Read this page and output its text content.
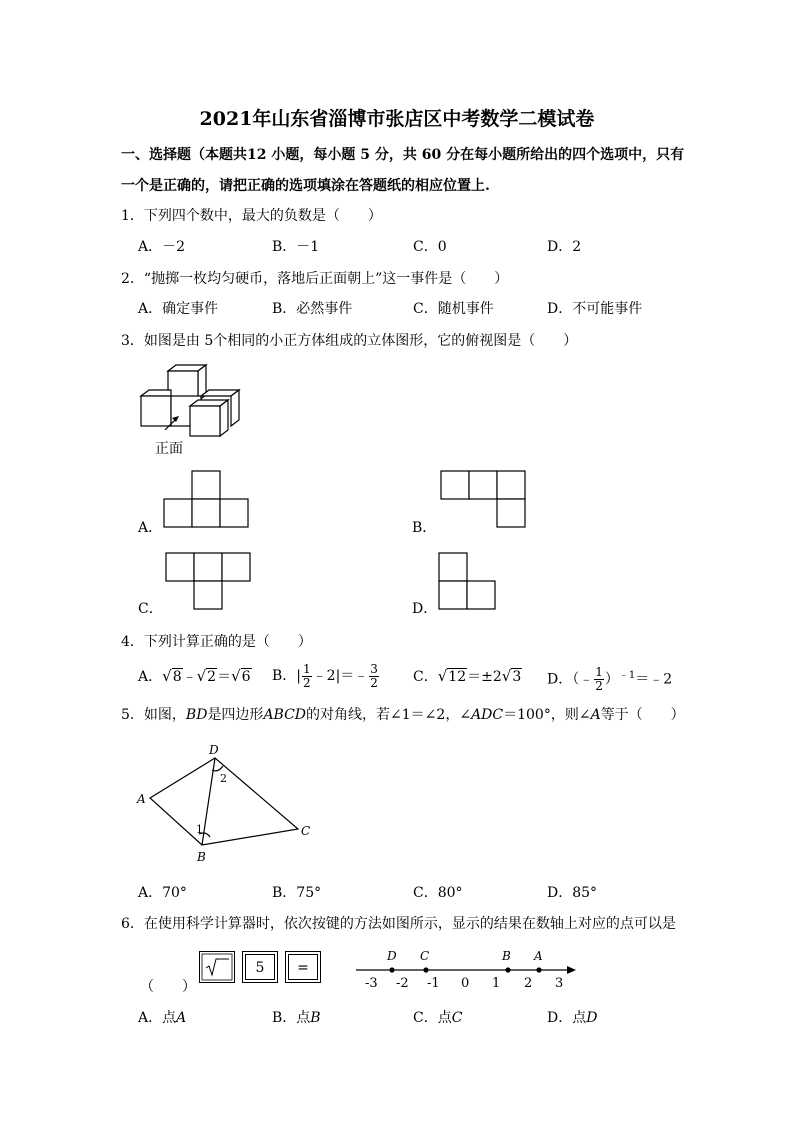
2021年山东省淄博市张店区中考数学二模试卷
一、选择题（本题共12 小题，每小题 5 分，共 60 分在每小题所给出的四个选项中，只有
一个是正确的，请把正确的选项填涂在答题纸的相应位置上.
1．下列四个数中，最大的负数是（　　）
A．－2	B．－1	C．0	D．2
2．“抛掷一枚均匀硬币，落地后正面朝上”这一事件是（　　）
A．确定事件	B．必然事件	C．随机事件	D．不可能事件
3．如图是由 5个相同的小正方体组成的立体图形，它的俯视图是（　　）
正面
A．	B．
C．	D．
4．下列计算正确的是（　　）
A．√8﹣√2＝√6 B．| $\frac{1}{2}$ ﹣2|＝﹣ $\frac{3}{2}$ C．√12＝±2√3 D．（﹣ $\frac{1}{2}$ ）$^{﹣1}$＝﹣2
5．如图，BD是四边形ABCD的对角线，若∠1＝∠2，∠ADC＝100°，则∠A等于（　　）
A
D
C
B
2
1
A．70°	B．75°	C．80°	D．85°
6．在使用科学计算器时，依次按键的方法如图所示，显示的结果在数轴上对应的点可以是
（　　）
5	=
-3 -2 -1 0 1 2 3
D C	B A
A．点A	B．点B	C．点C	D．点D
